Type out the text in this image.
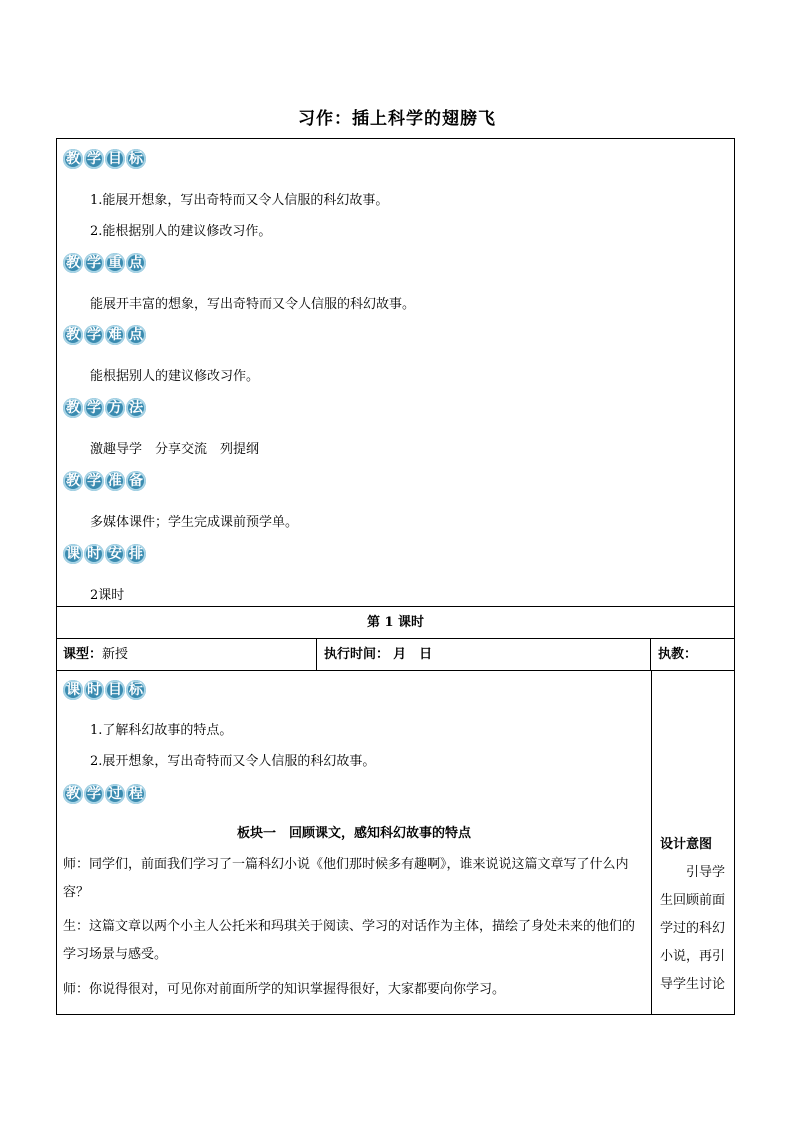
习作：插上科学的翅膀飞
教 学 目 标
1.能展开想象，写出奇特而又令人信服的科幻故事。
2.能根据别人的建议修改习作。
教 学 重 点
能展开丰富的想象，写出奇特而又令人信服的科幻故事。
教 学 难 点
能根据别人的建议修改习作。
教 学 方 法
激趣导学　分享交流　列提纲
教 学 准 备
多媒体课件；学生完成课前预学单。
课 时 安 排
2课时
第 1 课时
课型：新授	执行时间： 月　日	执教：
课 时 目 标
1.了解科幻故事的特点。
2.展开想象，写出奇特而又令人信服的科幻故事。
教 学 过 程
板块一　回顾课文，感知科幻故事的特点
师：同学们，前面我们学习了一篇科幻小说《他们那时候多有趣啊》，谁来说说这篇文章写了什么内容？
生：这篇文章以两个小主人公托米和玛琪关于阅读、学习的对话作为主体，描绘了身处未来的他们的学习场景与感受。
师：你说得很对，可见你对前面所学的知识掌握得很好，大家都要向你学习。
设计意图
引导学生回顾前面学过的科幻小说，再引导学生讨论
